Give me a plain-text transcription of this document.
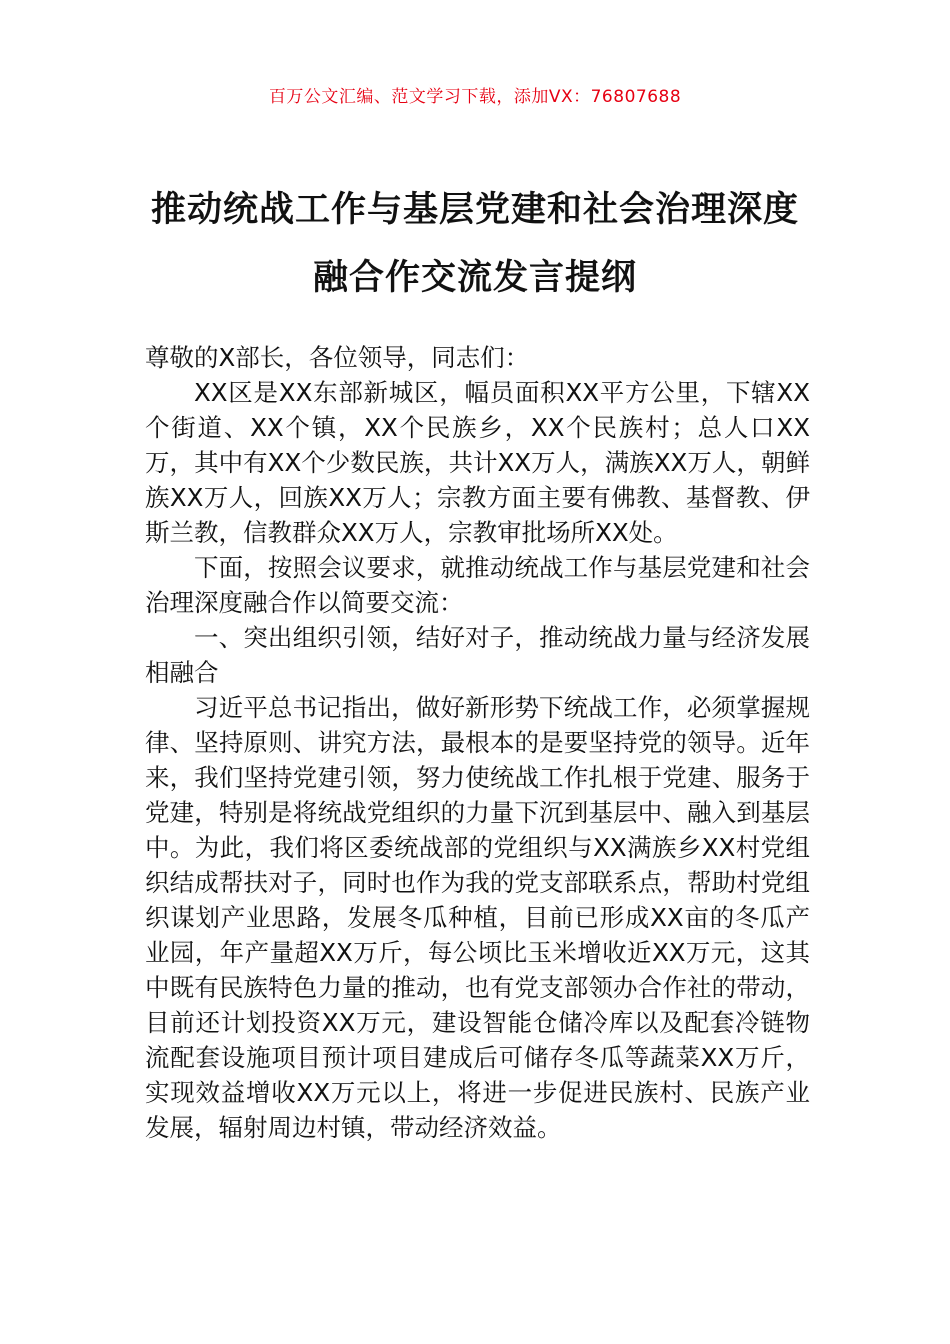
百万公文汇编、范文学习下载，添加VX：76807688
推动统战工作与基层党建和社会治理深度
融合作交流发言提纲

尊敬的X部长，各位领导，同志们：

XX区是XX东部新城区，幅员面积XX平方公里，下辖XX个街道、XX个镇，XX个民族乡，XX个民族村；总人口XX万，其中有XX个少数民族，共计XX万人，满族XX万人，朝鲜族XX万人，回族XX万人；宗教方面主要有佛教、基督教、伊斯兰教，信教群众XX万人，宗教审批场所XX处。

下面，按照会议要求，就推动统战工作与基层党建和社会治理深度融合作以简要交流：

一、突出组织引领，结好对子，推动统战力量与经济发展相融合

习近平总书记指出，做好新形势下统战工作，必须掌握规律、坚持原则、讲究方法，最根本的是要坚持党的领导。近年来，我们坚持党建引领，努力使统战工作扎根于党建、服务于党建，特别是将统战党组织的力量下沉到基层中、融入到基层中。为此，我们将区委统战部的党组织与XX满族乡XX村党组织结成帮扶对子，同时也作为我的党支部联系点，帮助村党组织谋划产业思路，发展冬瓜种植，目前已形成XX亩的冬瓜产业园，年产量超XX万斤，每公顷比玉米增收近XX万元，这其中既有民族特色力量的推动，也有党支部领办合作社的带动，目前还计划投资XX万元，建设智能仓储冷库以及配套冷链物流配套设施项目预计项目建成后可储存冬瓜等蔬菜XX万斤，实现效益增收XX万元以上，将进一步促进民族村、民族产业发展，辐射周边村镇，带动经济效益。
